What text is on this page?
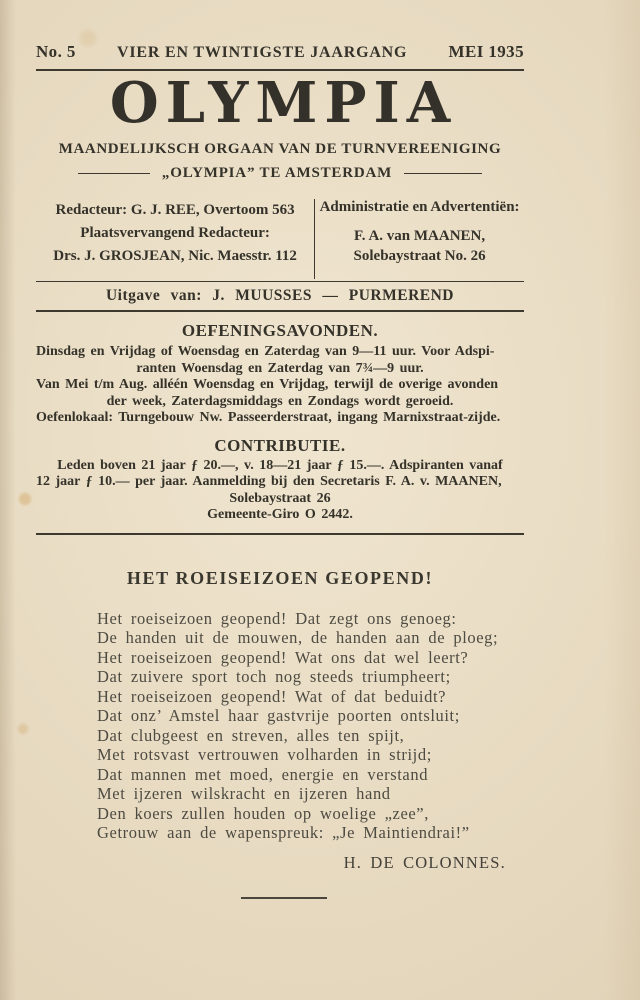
No. 5	VIER EN TWINTIGSTE JAARGANG MEI 1935
OLYMPIA
MAANDELIJKSCH ORGAAN VAN DE TURNVEREENIGING
„OLYMPIA” TE AMSTERDAM
Redacteur: G. J. REE, Overtoom 563
Plaatsvervangend Redacteur:
Drs. J. GROSJEAN, Nic. Maesstr. 112
Administratie en Advertentiën:
F. A. van MAANEN,
Solebaystraat No. 26
Uitgave van: J. MUUSSES — PURMEREND
OEFENINGSAVONDEN.
Dinsdag en Vrijdag of Woensdag en Zaterdag van 9—11 uur. Voor Adspi-
ranten Woensdag en Zaterdag van 7¾—9 uur.
Van Mei t/m Aug. alléén Woensdag en Vrijdag, terwijl de overige avonden
der week, Zaterdagsmiddags en Zondags wordt geroeid.
Oefenlokaal: Turngebouw Nw. Passeerderstraat, ingang Marnixstraat-zijde.
CONTRIBUTIE.
Leden boven 21 jaar ƒ 20.—, v. 18—21 jaar ƒ 15.—. Adspiranten vanaf
12 jaar ƒ 10.— per jaar. Aanmelding bij den Secretaris F. A. v. MAANEN,
Solebaystraat 26
Gemeente-Giro O 2442.
HET ROEISEIZOEN GEOPEND!
Het roeiseizoen geopend! Dat zegt ons genoeg:
De handen uit de mouwen, de handen aan de ploeg;
Het roeiseizoen geopend! Wat ons dat wel leert?
Dat zuivere sport toch nog steeds triumpheert;
Het roeiseizoen geopend! Wat of dat beduidt?
Dat onz’ Amstel haar gastvrije poorten ontsluit;
Dat clubgeest en streven, alles ten spijt,
Met rotsvast vertrouwen volharden in strijd;
Dat mannen met moed, energie en verstand
Met ijzeren wilskracht en ijzeren hand
Den koers zullen houden op woelige „zee”,
Getrouw aan de wapenspreuk: „Je Maintiendrai!”
H. DE COLONNES.
